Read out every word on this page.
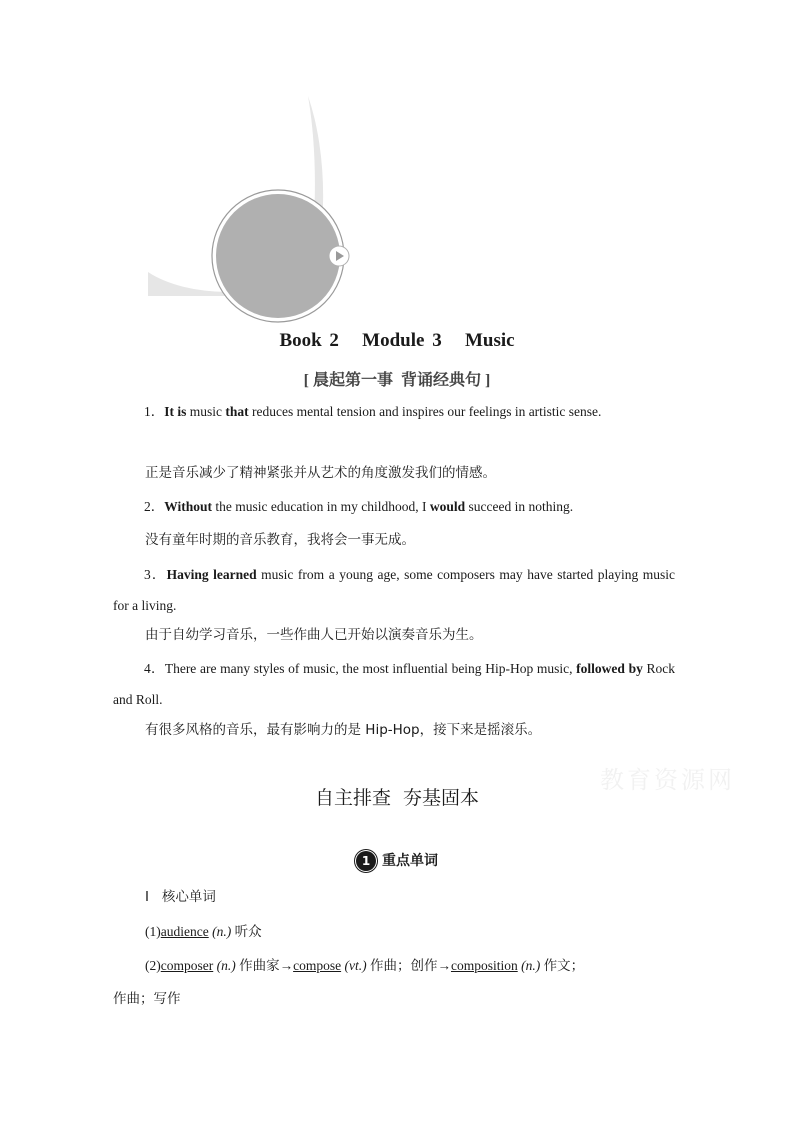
Book 2   Module 3   Music
[ 晨起第一事  背诵经典句 ]
1．It is music that reduces mental tension and inspires our feelings in artistic sense.
正是音乐减少了精神紧张并从艺术的角度激发我们的情感。
2．Without the music education in my childhood, I would succeed in nothing.
没有童年时期的音乐教育，我将会一事无成。
3．Having learned music from a young age, some composers may have started playing music for a living.
由于自幼学习音乐，一些作曲人已开始以演奏音乐为生。
4．There are many styles of music, the most influential being Hip-Hop music, followed by Rock and Roll.
有很多风格的音乐，最有影响力的是 Hip-Hop，接下来是摇滚乐。
教育资源网
自主排查  夯基固本
1 重点单词
Ⅰ   核心单词
(1)audience (n.) 听众
(2)composer (n.) 作曲家→compose (vt.) 作曲；创作→composition (n.) 作文；
作曲；写作
